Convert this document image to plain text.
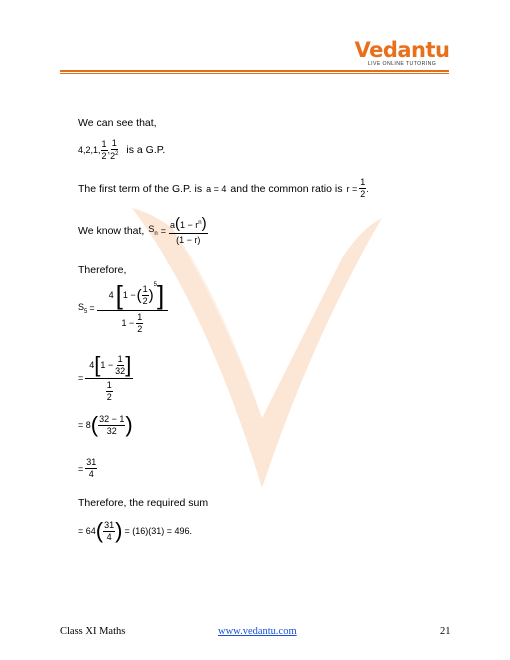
Vedantu
LIVE ONLINE TUTORING
We can see that,
4,2,1, $\frac{1}{2}$ , $\frac{1}{2^2}$ is a G.P.
The first term of the G.P. is a = 4 and the common ratio is $r = \frac{1}{2}$ .
We know that, $S_n = \frac{a(1 - r^n)}{(1 - r)}$
Therefore,
$S_5 = 4$ [ 1 − ( $\frac{1}{2}$ )
$^5$ ]
$1 - \frac{1}{2}$
= $\frac{4 [ 1 - \frac{1}{32} ]}{\frac{1}{2}}$
= 8 ( $\frac{32 - 1}{32}$ )
= $\frac{31}{4}$
Therefore, the required sum
= 64 ( $\frac{31}{4}$ ) = (16)(31) = 496 .
Class XI Maths	www.vedantu.com	21
